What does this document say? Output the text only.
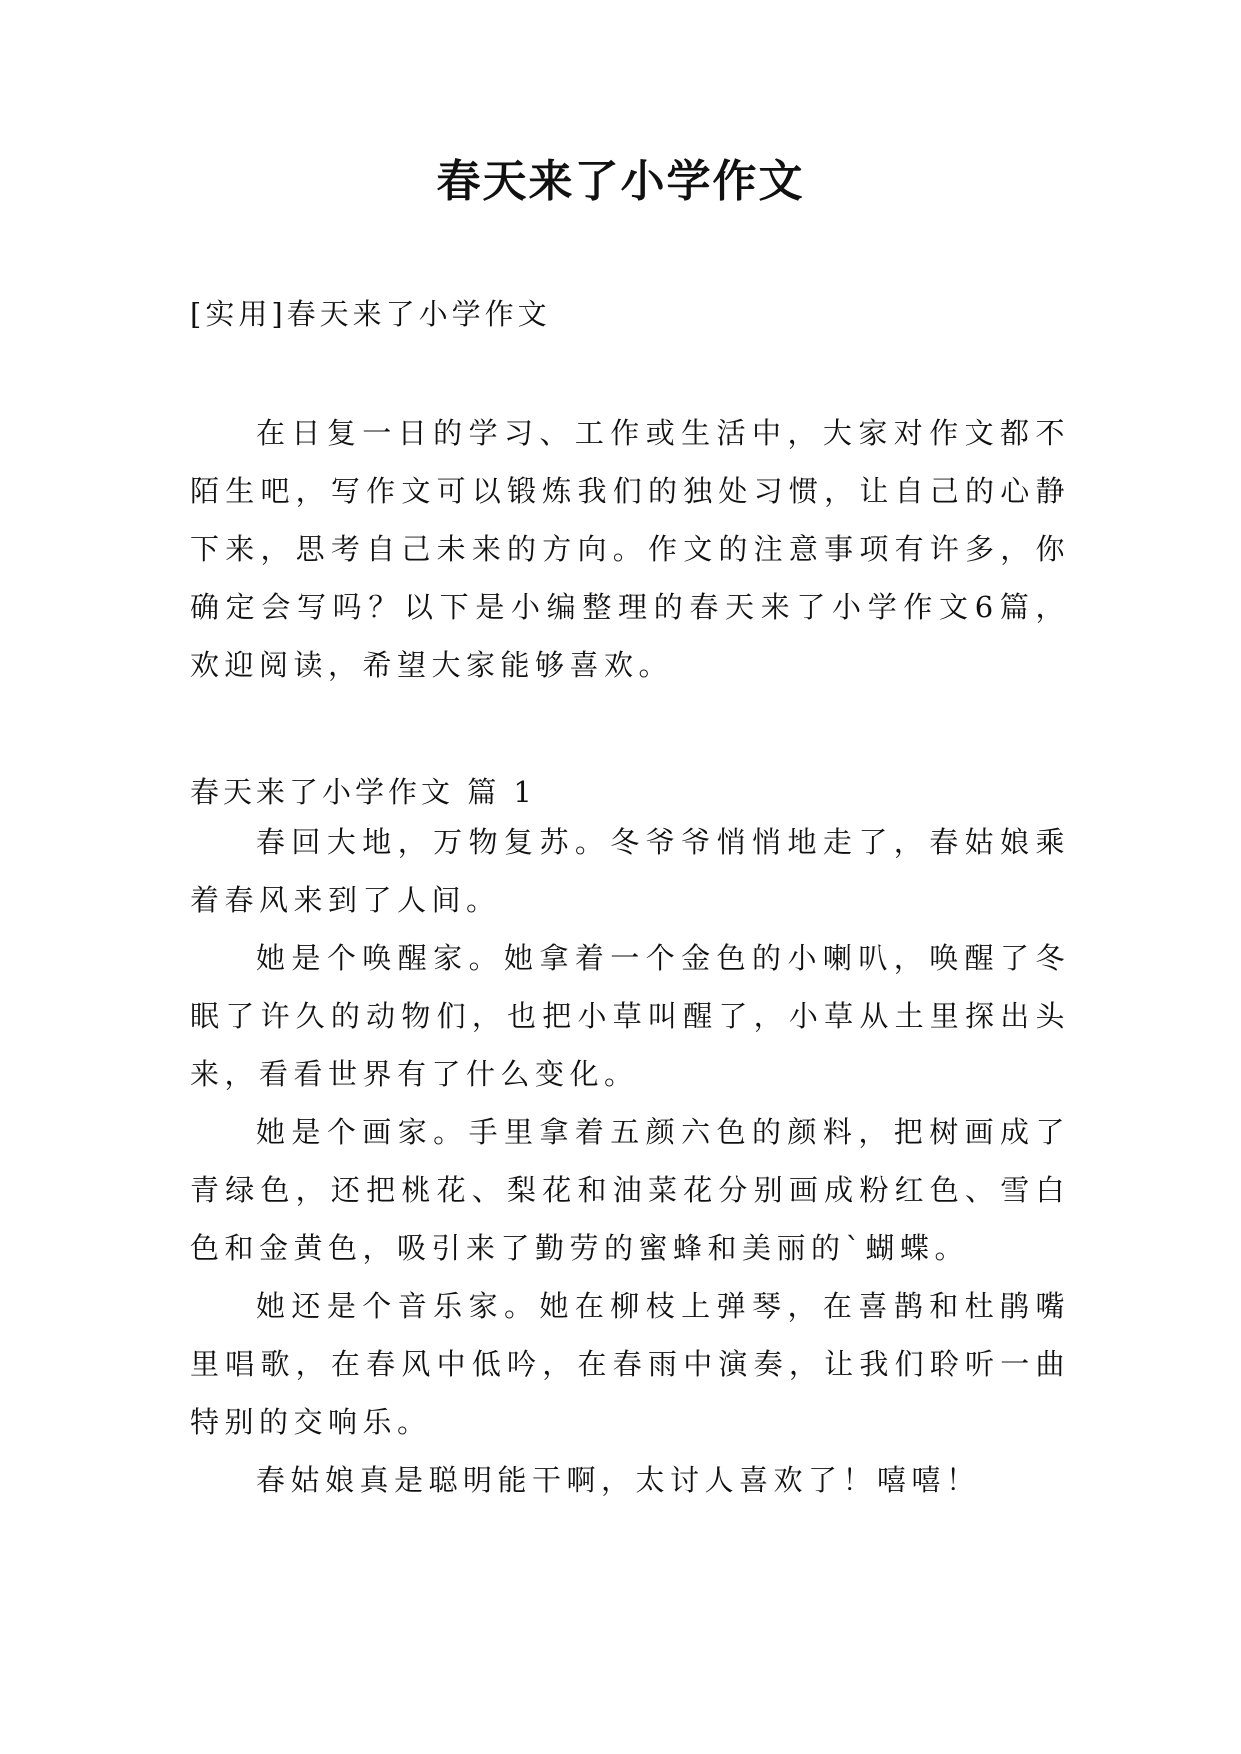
春天来了小学作文

[实用]春天来了小学作文

在日复一日的学习、工作或生活中，大家对作文都不陌生吧，写作文可以锻炼我们的独处习惯，让自己的心静下来，思考自己未来的方向。作文的注意事项有许多，你确定会写吗？以下是小编整理的春天来了小学作文6篇，欢迎阅读，希望大家能够喜欢。

春天来了小学作文 篇 1

春回大地，万物复苏。冬爷爷悄悄地走了，春姑娘乘着春风来到了人间。

她是个唤醒家。她拿着一个金色的小喇叭，唤醒了冬眠了许久的动物们，也把小草叫醒了，小草从土里探出头来，看看世界有了什么变化。

她是个画家。手里拿着五颜六色的颜料，把树画成了青绿色，还把桃花、梨花和油菜花分别画成粉红色、雪白色和金黄色，吸引来了勤劳的蜜蜂和美丽的`蝴蝶。

她还是个音乐家。她在柳枝上弹琴，在喜鹊和杜鹃嘴里唱歌，在春风中低吟，在春雨中演奏，让我们聆听一曲特别的交响乐。

春姑娘真是聪明能干啊，太讨人喜欢了！嘻嘻！
